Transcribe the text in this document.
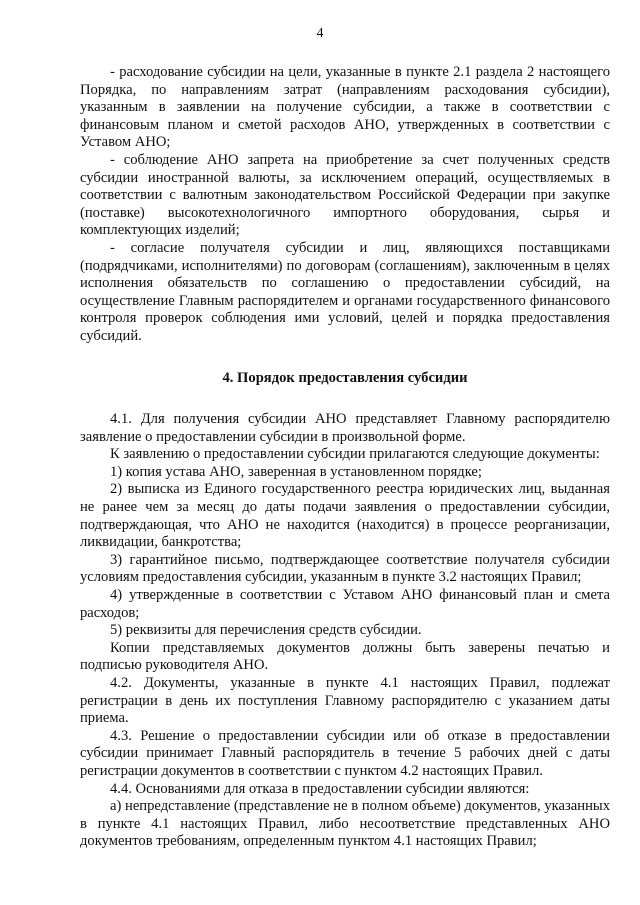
4

- расходование субсидии на цели, указанные в пункте 2.1 раздела 2 настоящего Порядка, по направлениям затрат (направлениям расходования субсидии), указанным в заявлении на получение субсидии, а также в соответствии с финансовым планом и сметой расходов АНО, утвержденных в соответствии с Уставом АНО;

- соблюдение АНО запрета на приобретение за счет полученных средств субсидии иностранной валюты, за исключением операций, осуществляемых в соответствии с валютным законодательством Российской Федерации при закупке (поставке) высокотехнологичного импортного оборудования, сырья и комплектующих изделий;

- согласие получателя субсидии и лиц, являющихся поставщиками (подрядчиками, исполнителями) по договорам (соглашениям), заключенным в целях исполнения обязательств по соглашению о предоставлении субсидий, на осуществление Главным распорядителем и органами государственного финансового контроля проверок соблюдения ими условий, целей и порядка предоставления субсидий.

4. Порядок предоставления субсидии

4.1. Для получения субсидии АНО представляет Главному распорядителю заявление о предоставлении субсидии в произвольной форме.

К заявлению о предоставлении субсидии прилагаются следующие документы:

1) копия устава АНО, заверенная в установленном порядке;

2) выписка из Единого государственного реестра юридических лиц, выданная не ранее чем за месяц до даты подачи заявления о предоставлении субсидии, подтверждающая, что АНО не находится (находится) в процессе реорганизации, ликвидации, банкротства;

3) гарантийное письмо, подтверждающее соответствие получателя субсидии условиям предоставления субсидии, указанным в пункте 3.2 настоящих Правил;

4) утвержденные в соответствии с Уставом АНО финансовый план и смета расходов;

5) реквизиты для перечисления средств субсидии.

Копии представляемых документов должны быть заверены печатью и подписью руководителя АНО.

4.2. Документы, указанные в пункте 4.1 настоящих Правил, подлежат регистрации в день их поступления Главному распорядителю с указанием даты приема.

4.3. Решение о предоставлении субсидии или об отказе в предоставлении субсидии принимает Главный распорядитель в течение 5 рабочих дней с даты регистрации документов в соответствии с пунктом 4.2 настоящих Правил.

4.4. Основаниями для отказа в предоставлении субсидии являются:

а) непредставление (представление не в полном объеме) документов, указанных в пункте 4.1 настоящих Правил, либо несоответствие представленных АНО документов требованиям, определенным пунктом 4.1 настоящих Правил;
